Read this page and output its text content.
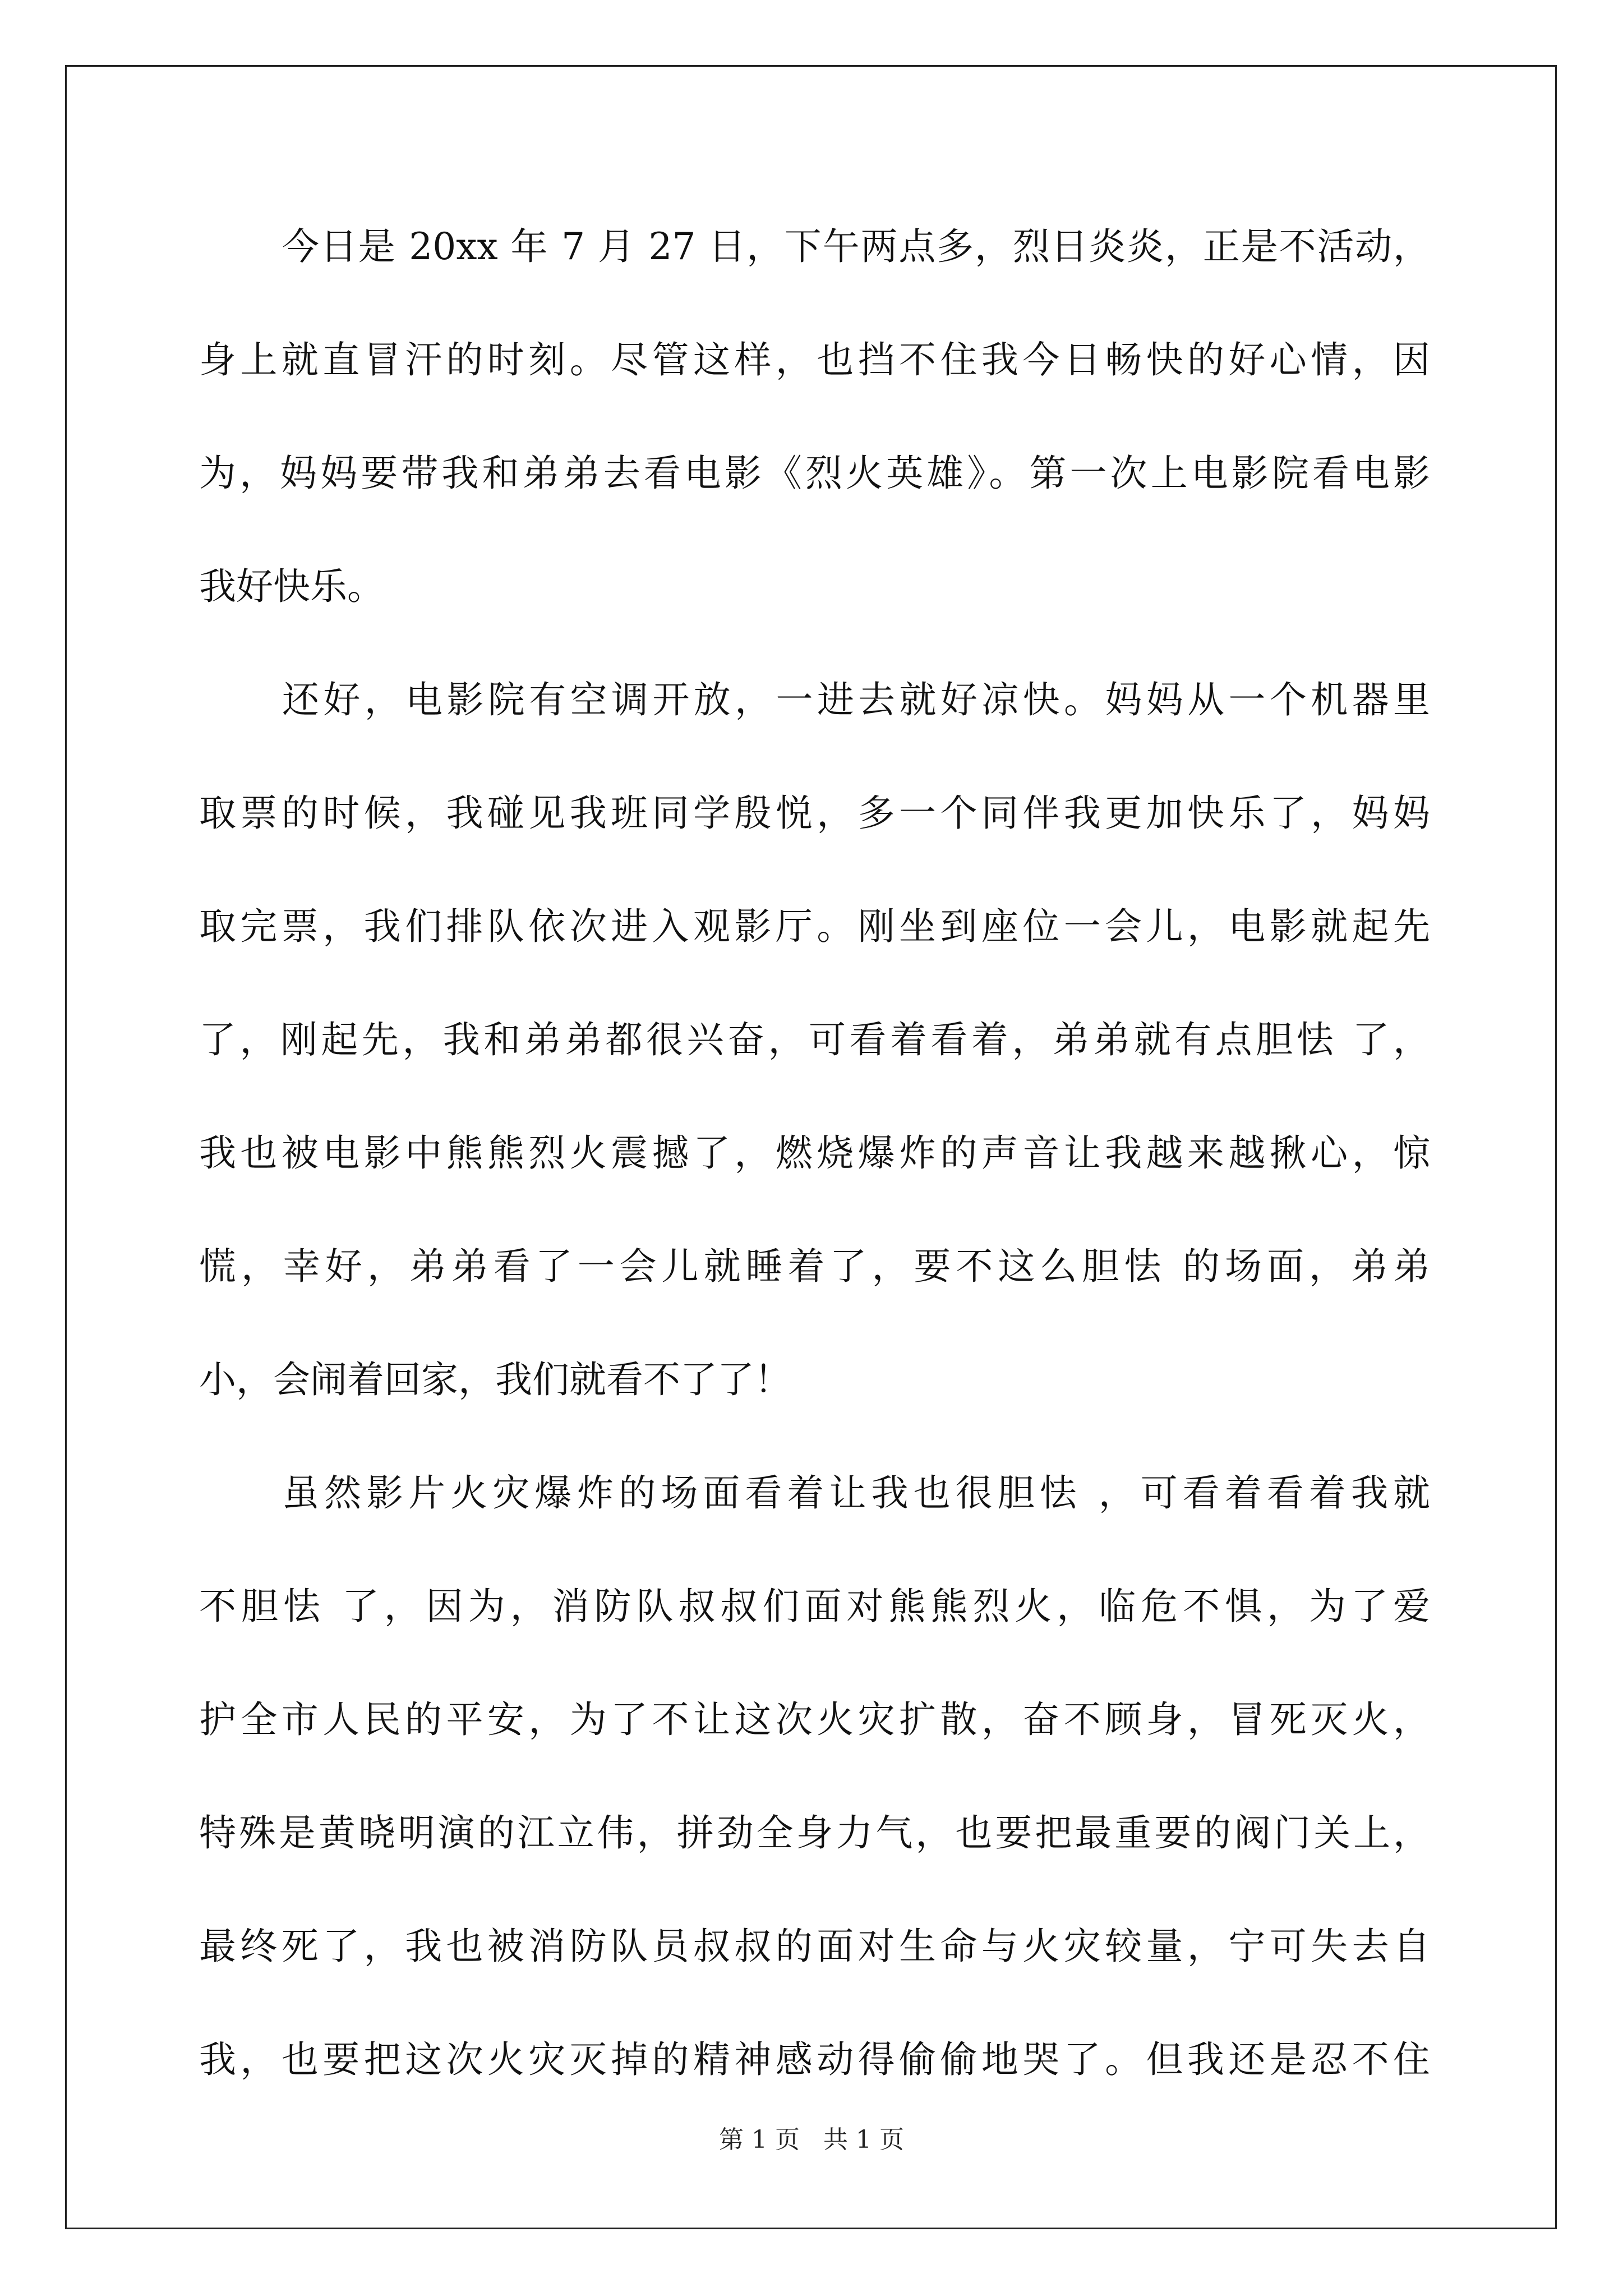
今日是 20xx 年 7 月 27 日，下午两点多，烈日炎炎，正是不活动，
身上就直冒汗的时刻。尽管这样，也挡不住我今日畅快的好心情，因
为，妈妈要带我和弟弟去看电影《烈火英雄》。第一次上电影院看电影
我好快乐。
还好，电影院有空调开放，一进去就好凉快。妈妈从一个机器里
取票的时候，我碰见我班同学殷悦，多一个同伴我更加快乐了，妈妈
取完票，我们排队依次进入观影厅。刚坐到座位一会儿，电影就起先
了，刚起先，我和弟弟都很兴奋，可看着看着，弟弟就有点胆怯 了，
我也被电影中熊熊烈火震撼了，燃烧爆炸的声音让我越来越揪心，惊
慌，幸好，弟弟看了一会儿就睡着了，要不这么胆怯 的场面，弟弟
小，会闹着回家，我们就看不了了！
虽然影片火灾爆炸的场面看着让我也很胆怯 ，可看着看着我就
不胆怯 了，因为，消防队叔叔们面对熊熊烈火，临危不惧，为了爱
护全市人民的平安，为了不让这次火灾扩散，奋不顾身，冒死灭火，
特殊是黄晓明演的江立伟，拼劲全身力气，也要把最重要的阀门关上，
最终死了，我也被消防队员叔叔的面对生命与火灾较量，宁可失去自
我，也要把这次火灾灭掉的精神感动得偷偷地哭了。但我还是忍不住
第 1 页 共 1 页
